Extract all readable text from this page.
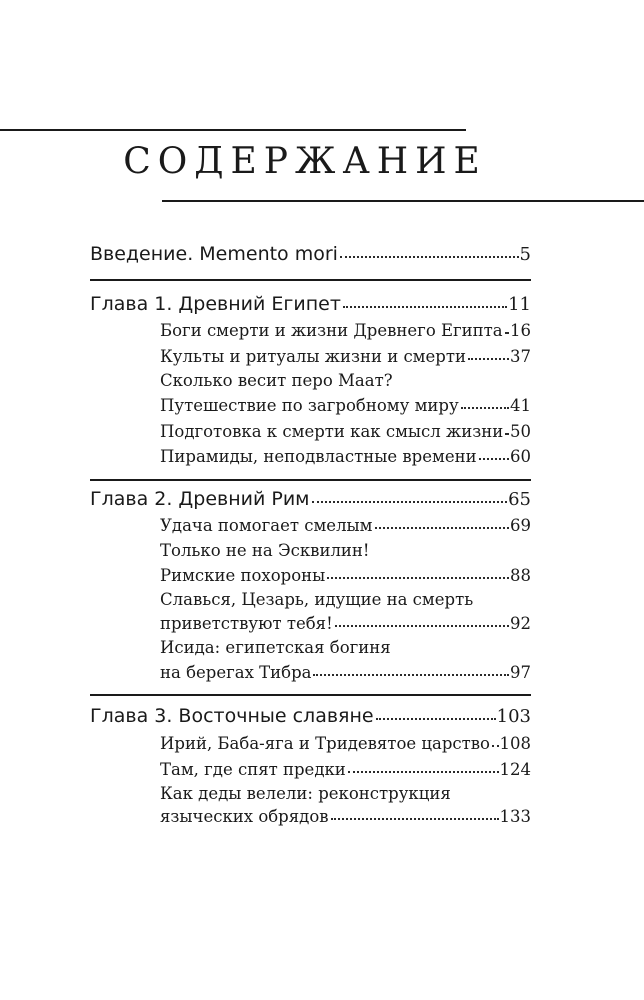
СОДЕРЖАНИЕ
Введение. Memento mori	5
Глава 1. Древний Египет	11
Боги смерти и жизни Древнего Египта 16
Культы и ритуалы жизни и смерти	37
Сколько весит перо Маат?
Путешествие по загробному миру	41
Подготовка к смерти как смысл жизни 50
Пирамиды, неподвластные времени 60
Глава 2. Древний Рим	65
Удача помогает смелым	69
Только не на Эсквилин!
Римские похороны	88
Славься, Цезарь, идущие на смерть
приветствуют тебя!	92
Исида: египетская богиня
на берегах Тибра	97
Глава 3. Восточные славяне	103
Ирий, Баба-яга и Тридевятое царство 108
Там, где спят предки	124
Как деды велели: реконструкция
языческих обрядов	133
